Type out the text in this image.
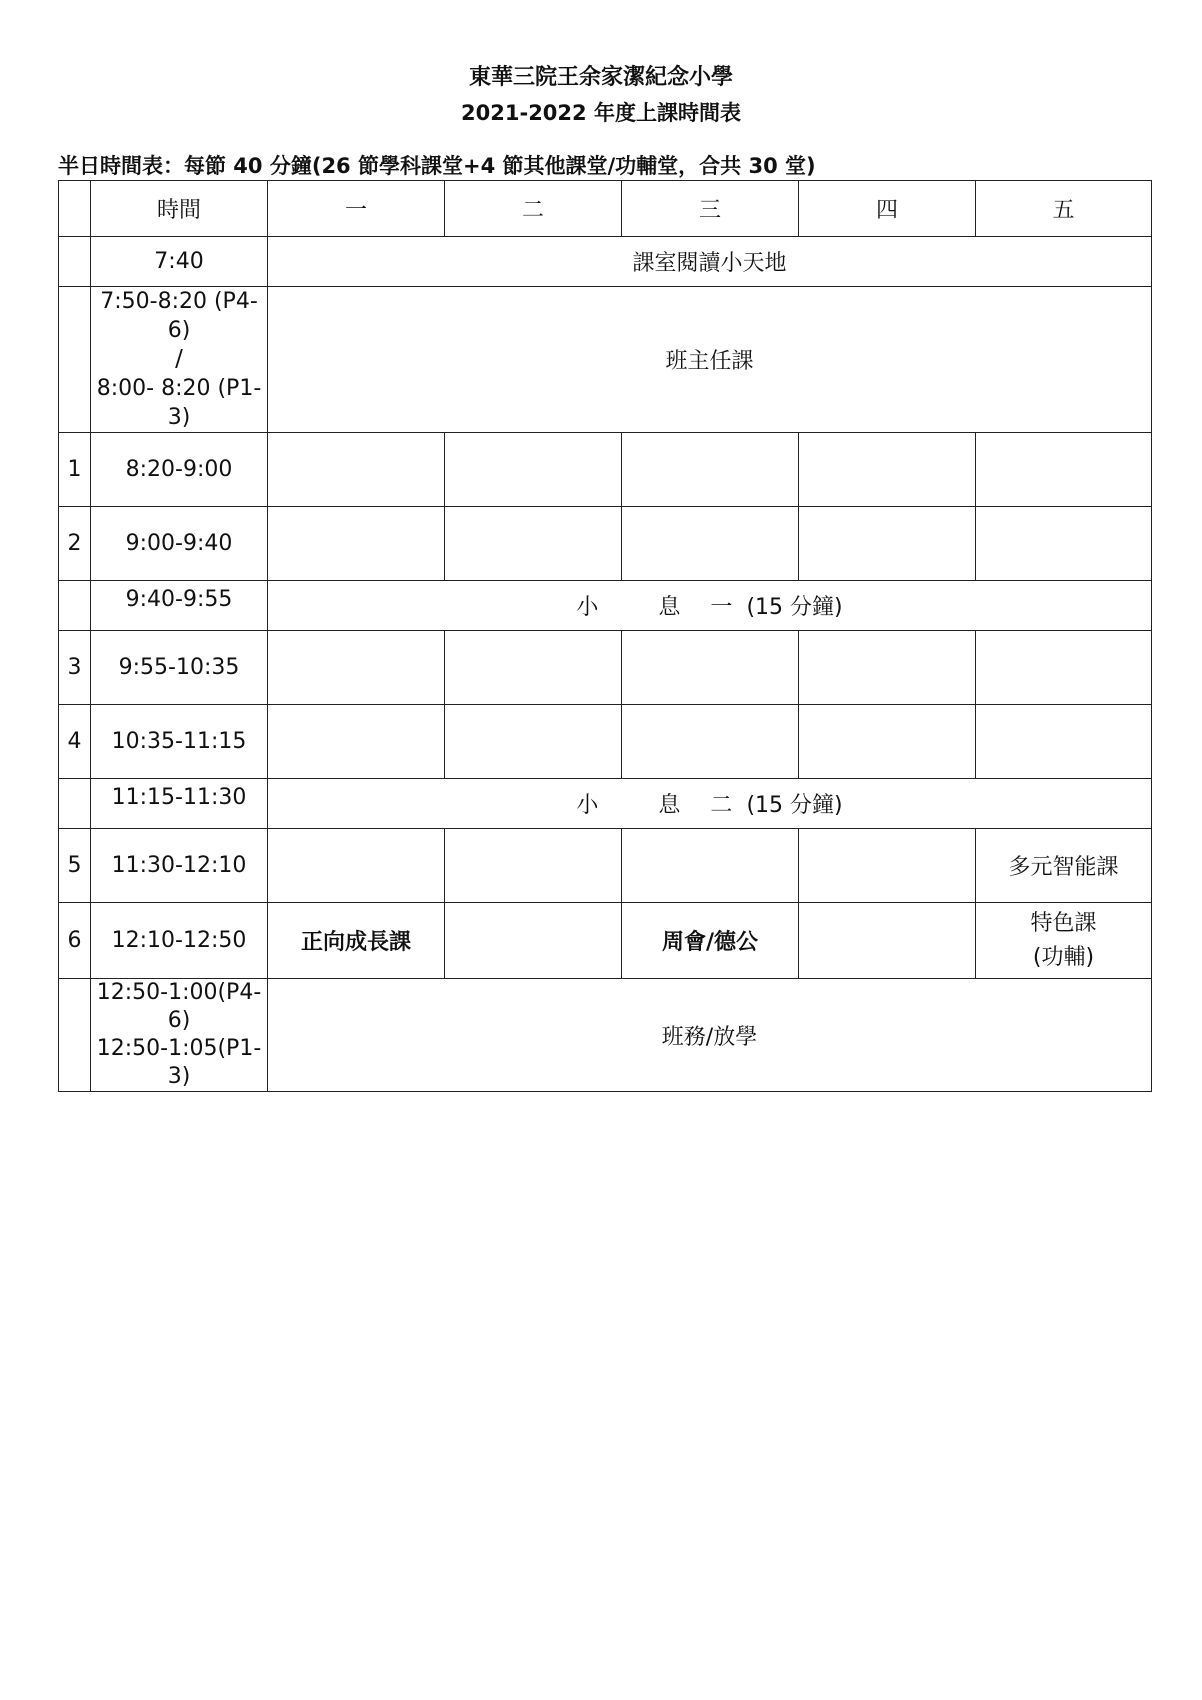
東華三院王余家潔紀念小學
2021-2022 年度上課時間表
半日時間表：每節 40 分鐘(26 節學科課堂+4 節其他課堂/功輔堂，合共 30 堂)
	時間	一	二	三	四	五
	7:40	課室閱讀小天地				

	7:50-8:20 (P4-6)
/
8:00- 8:20 (P1-3)	班主任課				
1	8:20-9:00					
2	9:00-9:40					
	9:40-9:55	小 息 一 (15 分鐘)				
3	9:55-10:35					
4	10:35-11:15					
	11:15-11:30	小 息 二 (15 分鐘)				
5	11:30-12:10					多元智能課
6	12:10-12:50	正向成長課		周會/德公		特色課
(功輔)

	12:50-1:00(P4-6)
12:50-1:05(P1-3)	班務/放學				
